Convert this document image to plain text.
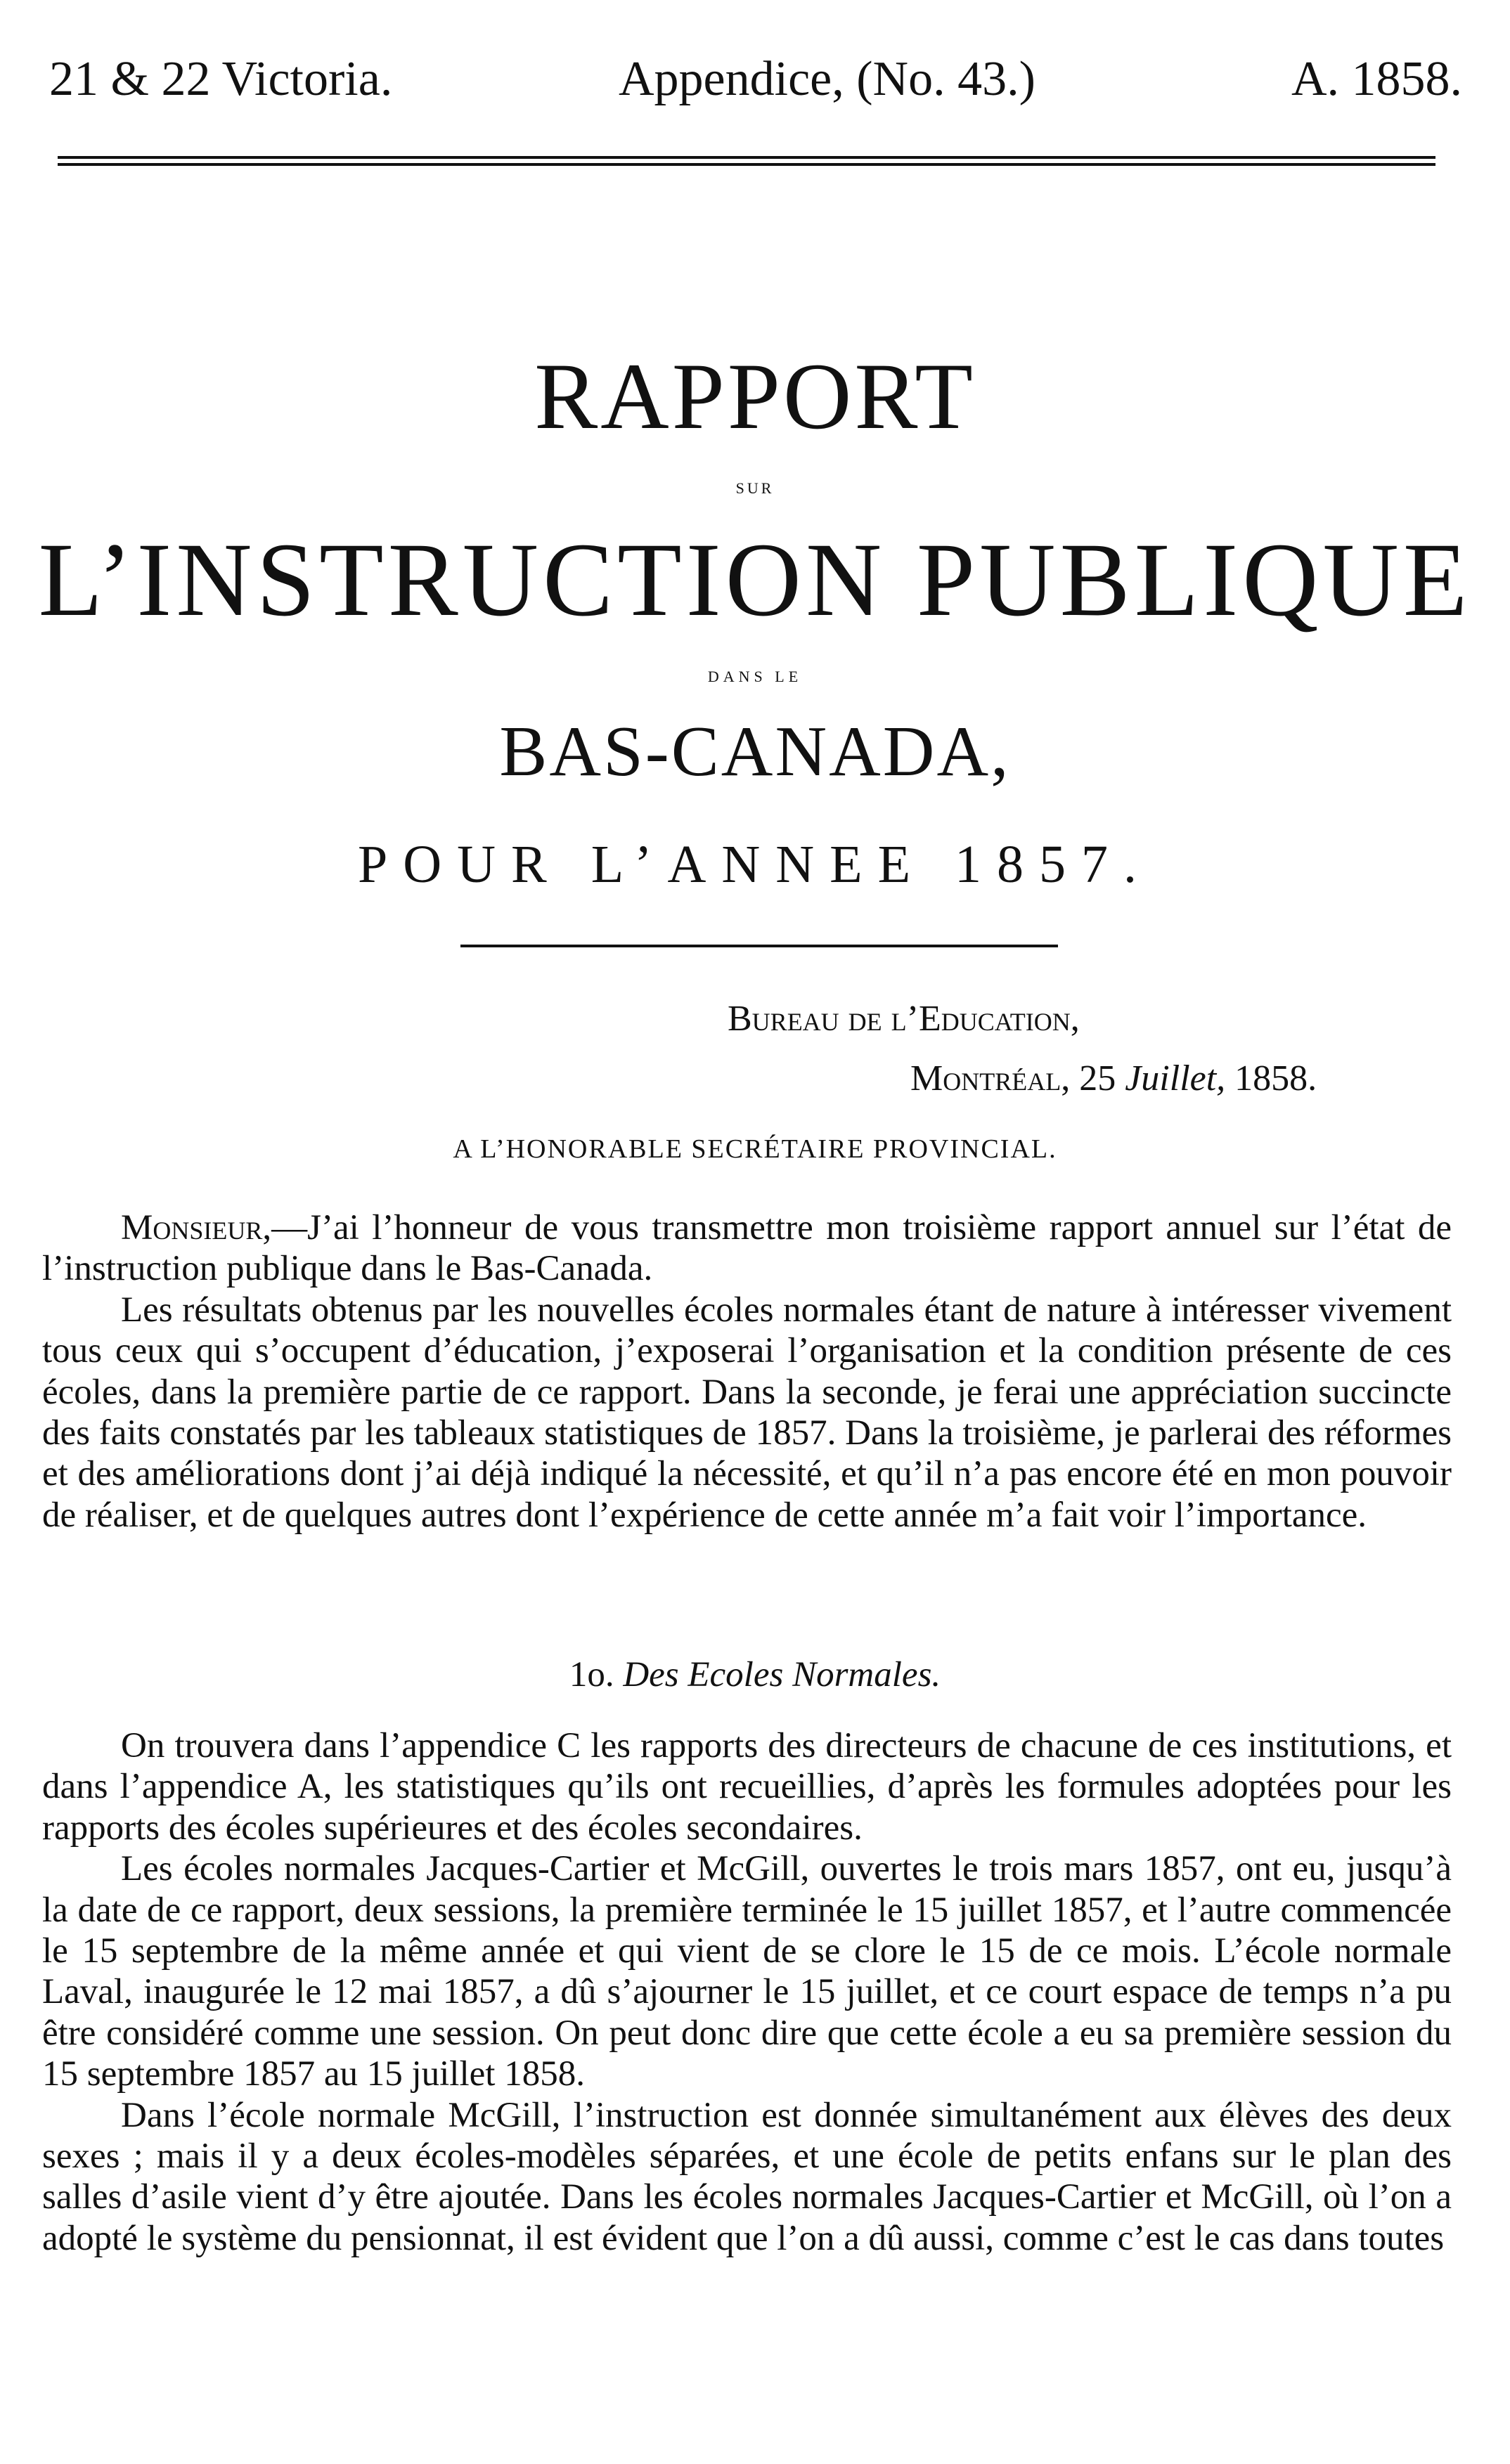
21 & 22 Victoria.	Appendice, (No. 43.)	A. 1858.
RAPPORT
SUR
L’INSTRUCTION PUBLIQUE
DANS LE
BAS-CANADA,
POUR L’ANNEE 1857.
Bureau de l’Education,
Montréal, 25 Juillet, 1858.
A L’HONORABLE SECRÉTAIRE PROVINCIAL.

Monsieur,—J’ai l’honneur de vous transmettre mon troisième rapport annuel sur l’état de l’instruction publique dans le Bas-Canada.

Les résultats obtenus par les nouvelles écoles normales étant de nature à intéresser vivement tous ceux qui s’occupent d’éducation, j’exposerai l’organisation et la condition présente de ces écoles, dans la première partie de ce rapport. Dans la seconde, je ferai une appréciation succincte des faits constatés par les tableaux statistiques de 1857. Dans la troisième, je parlerai des réformes et des améliorations dont j’ai déjà indiqué la nécessité, et qu’il n’a pas encore été en mon pouvoir de réaliser, et de quelques autres dont l’expérience de cette année m’a fait voir l’importance.

1o. Des Ecoles Normales.

On trouvera dans l’appendice C les rapports des directeurs de chacune de ces institutions, et dans l’appendice A, les statistiques qu’ils ont recueillies, d’après les formules adoptées pour les rapports des écoles supérieures et des écoles secondaires.

Les écoles normales Jacques-Cartier et McGill, ouvertes le trois mars 1857, ont eu, jusqu’à la date de ce rapport, deux sessions, la première terminée le 15 juillet 1857, et l’autre commencée le 15 septembre de la même année et qui vient de se clore le 15 de ce mois. L’école normale Laval, inaugurée le 12 mai 1857, a dû s’ajourner le 15 juillet, et ce court espace de temps n’a pu être considéré comme une session. On peut donc dire que cette école a eu sa première session du 15 septembre 1857 au 15 juillet 1858.

Dans l’école normale McGill, l’instruction est donnée simultanément aux élèves des deux sexes ; mais il y a deux écoles-modèles séparées, et une école de petits enfans sur le plan des salles d’asile vient d’y être ajoutée. Dans les écoles normales Jacques-Cartier et McGill, où l’on a adopté le système du pensionnat, il est évident que l’on a dû aussi, comme c’est le cas dans toutes
